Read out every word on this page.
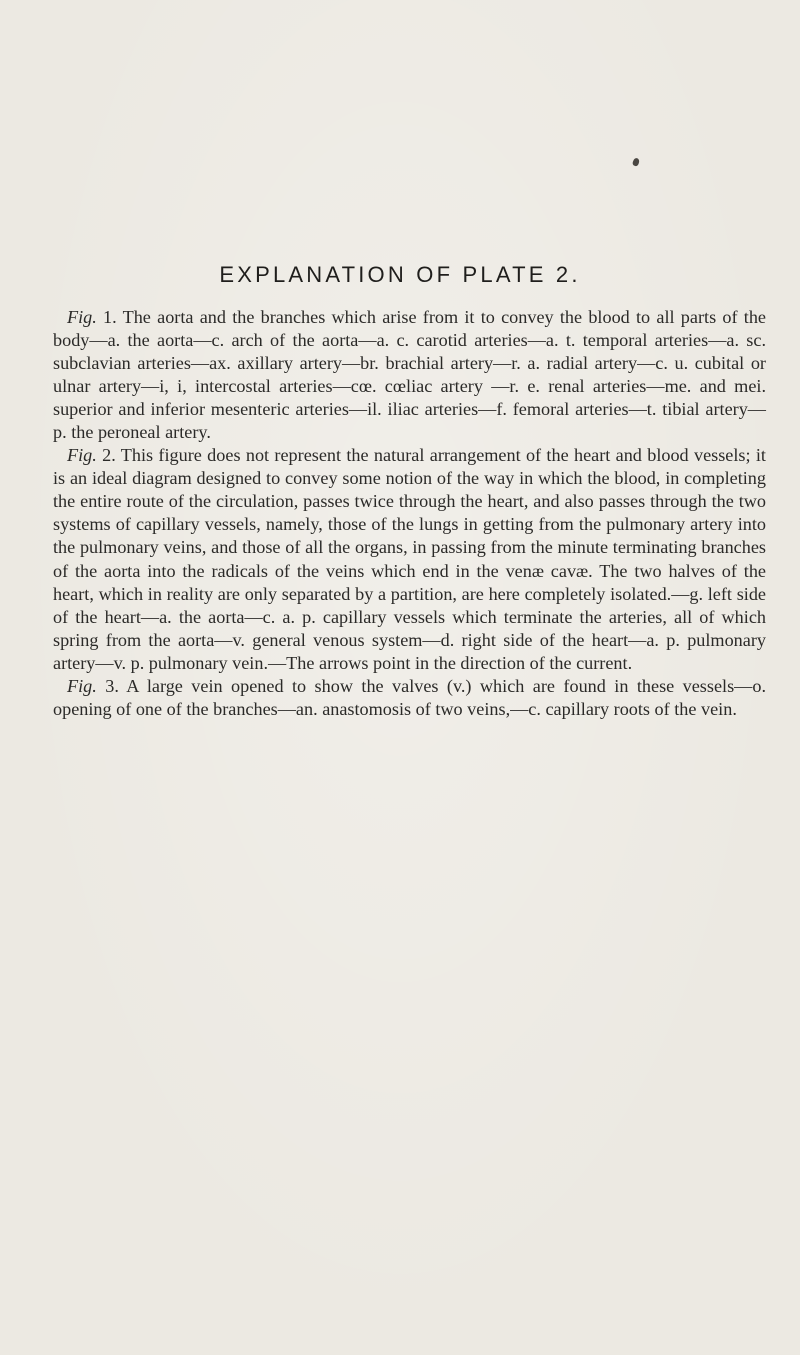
EXPLANATION OF PLATE 2.

Fig. 1. The aorta and the branches which arise from it to convey the blood to all parts of the body—a. the aorta—c. arch of the aorta—a. c. carotid arteries—a. t. temporal arteries—a. sc. subclavian arteries—ax. axillary artery—br. brachial artery—r. a. radial artery—c. u. cubital or ulnar artery—i, i, intercostal arteries—cœ. cœliac artery —r. e. renal arteries—me. and mei. superior and inferior mesenteric arteries—il. iliac arteries—f. femoral arteries—t. tibial artery—p. the peroneal artery.

Fig. 2. This figure does not represent the natural arrangement of the heart and blood vessels; it is an ideal diagram designed to convey some notion of the way in which the blood, in completing the entire route of the circulation, passes twice through the heart, and also passes through the two systems of capillary vessels, namely, those of the lungs in getting from the pulmonary artery into the pulmonary veins, and those of all the organs, in passing from the minute terminating branches of the aorta into the radicals of the veins which end in the venæ cavæ. The two halves of the heart, which in reality are only separated by a partition, are here completely isolated.—g. left side of the heart—a. the aorta—c. a. p. capillary vessels which terminate the arteries, all of which spring from the aorta—v. general venous system—d. right side of the heart—a. p. pulmonary artery—v. p. pulmonary vein.—The arrows point in the direction of the current.

Fig. 3. A large vein opened to show the valves (v.) which are found in these vessels—o. opening of one of the branches—an. anastomosis of two veins,—c. capillary roots of the vein.
